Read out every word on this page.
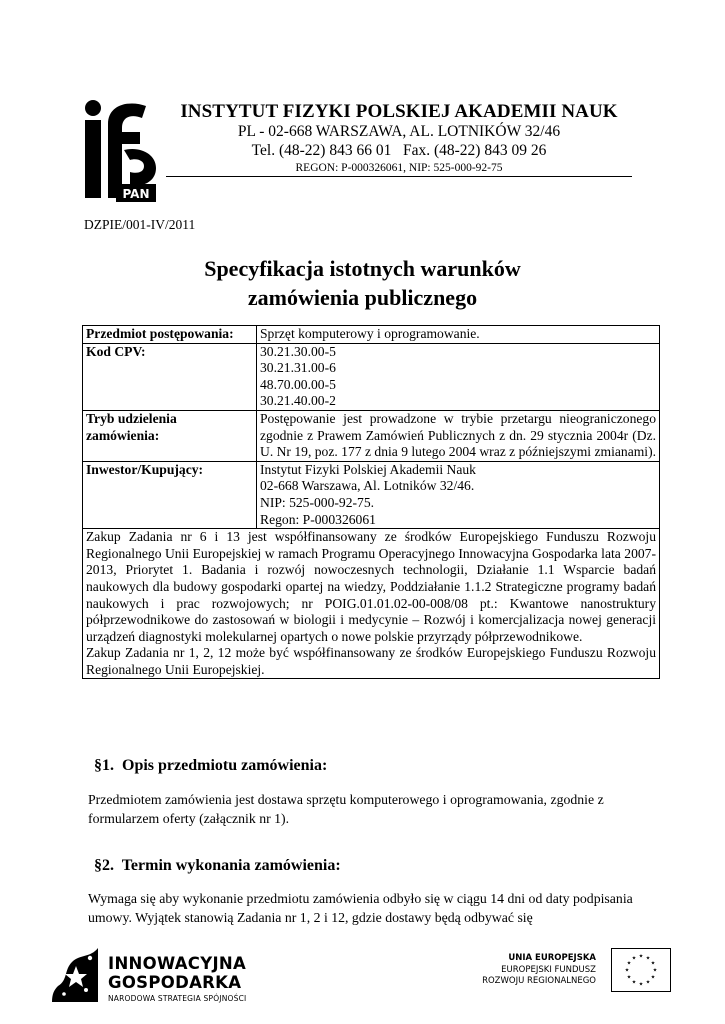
PAN
INSTYTUT FIZYKI POLSKIEJ AKADEMII NAUK
PL - 02-668 WARSZAWA, AL. LOTNIKÓW 32/46
Tel. (48-22) 843 66 01   Fax. (48-22) 843 09 26
REGON: P-000326061, NIP: 525-000-92-75
DZPIE/001-IV/2011
Specyfikacja istotnych warunków
zamówienia publicznego
Przedmiot postępowania:	Sprzęt komputerowy i oprogramowanie.
Kod CPV:	30.21.30.00-5
30.21.31.00-6
48.70.00.00-5
30.21.40.00-2

Tryb udzielenia
zamówienia:	Postępowanie jest prowadzone w trybie przetargu nieograniczonego zgodnie z Prawem Zamówień Publicznych z dn. 29 stycznia 2004r (Dz. U. Nr 19, poz. 177 z dnia 9 lutego 2004 wraz z późniejszymi zmianami).
Inwestor/Kupujący:	Instytut Fizyki Polskiej Akademii Nauk
02-668 Warszawa, Al. Lotników 32/46.
NIP: 525-000-92-75.
Regon: P-000326061

Zakup Zadania nr 6 i 13 jest współfinansowany ze środków Europejskiego Funduszu Rozwoju Regionalnego Unii Europejskiej w ramach Programu Operacyjnego Innowacyjna Gospodarka lata 2007-2013, Priorytet 1. Badania i rozwój nowoczesnych technologii, Działanie 1.1 Wsparcie badań naukowych dla budowy gospodarki opartej na wiedzy, Poddziałanie 1.1.2 Strategiczne programy badań naukowych i prac rozwojowych; nr POIG.01.01.02-00-008/08 pt.: Kwantowe nanostruktury półprzewodnikowe do zastosowań w biologii i medycynie – Rozwój i komercjalizacja nowej generacji urządzeń diagnostyki molekularnej opartych o nowe polskie przyrządy półprzewodnikowe.
Zakup Zadania nr 1, 2, 12 może być współfinansowany ze środków Europejskiego Funduszu Rozwoju Regionalnego Unii Europejskiej.	
§1.  Opis przedmiotu zamówienia:
Przedmiotem zamówienia jest dostawa sprzętu komputerowego i oprogramowania, zgodnie z formularzem oferty (załącznik nr 1).
§2.  Termin wykonania zamówienia:
Wymaga się aby wykonanie przedmiotu zamówienia odbyło się w ciągu 14 dni od daty podpisania umowy. Wyjątek stanowią Zadania nr 1, 2 i 12, gdzie dostawy będą odbywać się
INNOWACYJNA
GOSPODARKA
NARODOWA STRATEGIA SPÓJNOŚCI
UNIA EUROPEJSKA
EUROPEJSKI FUNDUSZ
ROZWOJU REGIONALNEGO
★ ★
★
★
★
★
★
★
★
★
★
★
